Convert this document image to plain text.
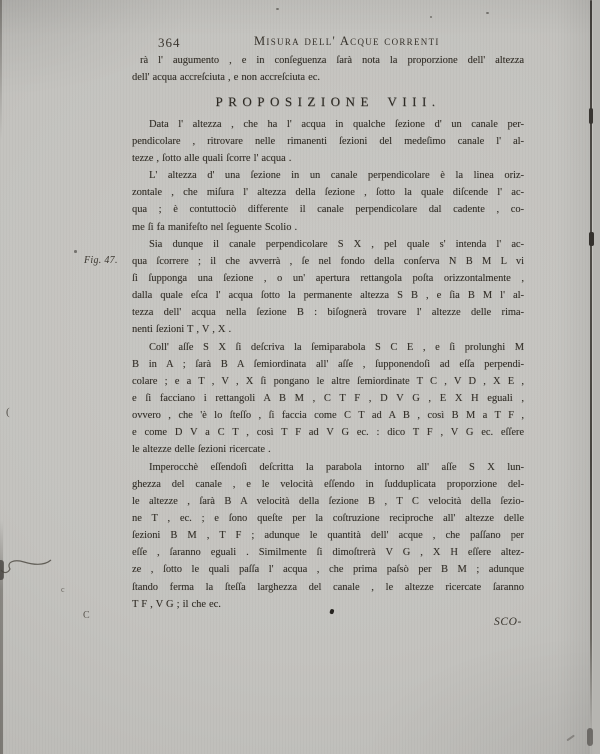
(
c
C
364	Misura dell' Acque correnti
rà l' augumento , e in conſeguenza ſarà nota la proporzione dell' altezza
dell' acqua accreſciuta , e non accreſciuta ec.
PROPOSIZIONE VIII.
Data l' altezza , che ha l' acqua in qualche ſezione d' un canale per-
pendicolare , ritrovare nelle rimanenti ſezioni del medeſimo canale l' al-
tezze , ſotto alle quali ſcorre l' acqua .
L' altezza d' una ſezione in un canale perpendicolare è la linea oriz-
zontale , che miſura l' altezza della ſezione , ſotto la quale diſcende l' ac-
qua ; è contuttociò differente il canale perpendicolare dal cadente , co-
me ſi fa manifeſto nel ſeguente Scolio .
Sia dunque il canale perpendicolare S X , pel quale s' intenda l' ac-
qua ſcorrere ; il che avverrà , ſe nel fondo della conſerva N B M L vi
ſi ſupponga una ſezione , o un' apertura rettangola poſta orizzontalmente ,
dalla quale eſca l' acqua ſotto la permanente altezza S B , e ſia B M l' al-
tezza dell' acqua nella ſezione B : biſognerà trovare l' altezze delle rima-
nenti ſezioni T , V , X .
Coll' aſſe S X ſi deſcriva la ſemiparabola S C E , e ſi prolunghi M
B in A ; ſarà B A ſemiordinata all' aſſe , ſupponendoſi ad eſſa perpendi-
colare ; e a T , V , X ſi pongano le altre ſemiordinate T C , V D , X E ,
e ſi facciano i rettangoli A B M , C T F , D V G , E X H eguali ,
ovvero , che 'è lo ſteſſo , ſi faccia come C T ad A B , così B M a T F ,
e come D V a C T , così T F ad V G ec. : dico T F , V G ec. eſſere
le altezze delle ſezioni ricercate .
Imperocchè eſſendoſi deſcritta la parabola intorno all' aſſe S X lun-
ghezza del canale , e le velocità eſſendo in ſudduplicata proporzione del-
le altezze , ſarà B A velocità della ſezione B , T C velocità della ſezio-
ne T , ec. ; e ſono queſte per la coſtruzione reciproche all' altezze delle
ſezioni B M , T F ; adunque le quantità dell' acque , che paſſano per
eſſe , ſaranno eguali . Similmente ſi dimoſtrerà V G , X H eſſere altez-
ze , ſotto le quali paſſa l' acqua , che prima paſsò per B M ; adunque
ſtando ferma la ſteſſa larghezza del canale , le altezze ricercate ſaranno
T F , V G ; il che ec.
Fig. 47.
SCO-
